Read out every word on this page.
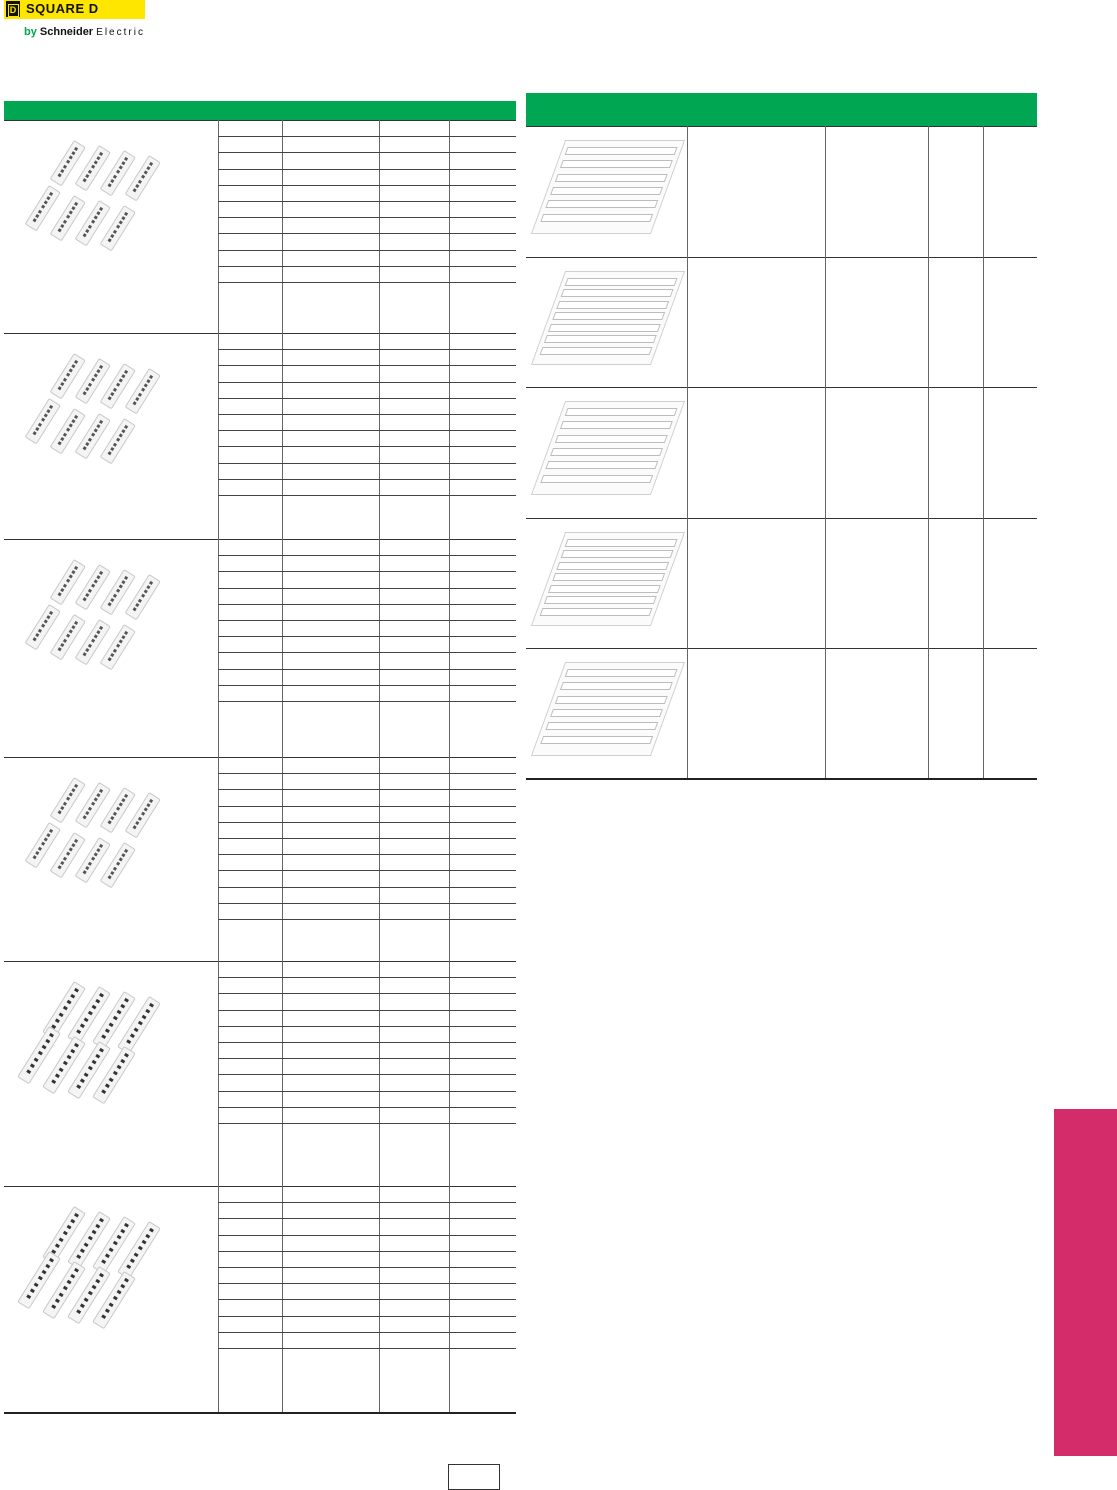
D SQUARE D
by Schneider Electric
